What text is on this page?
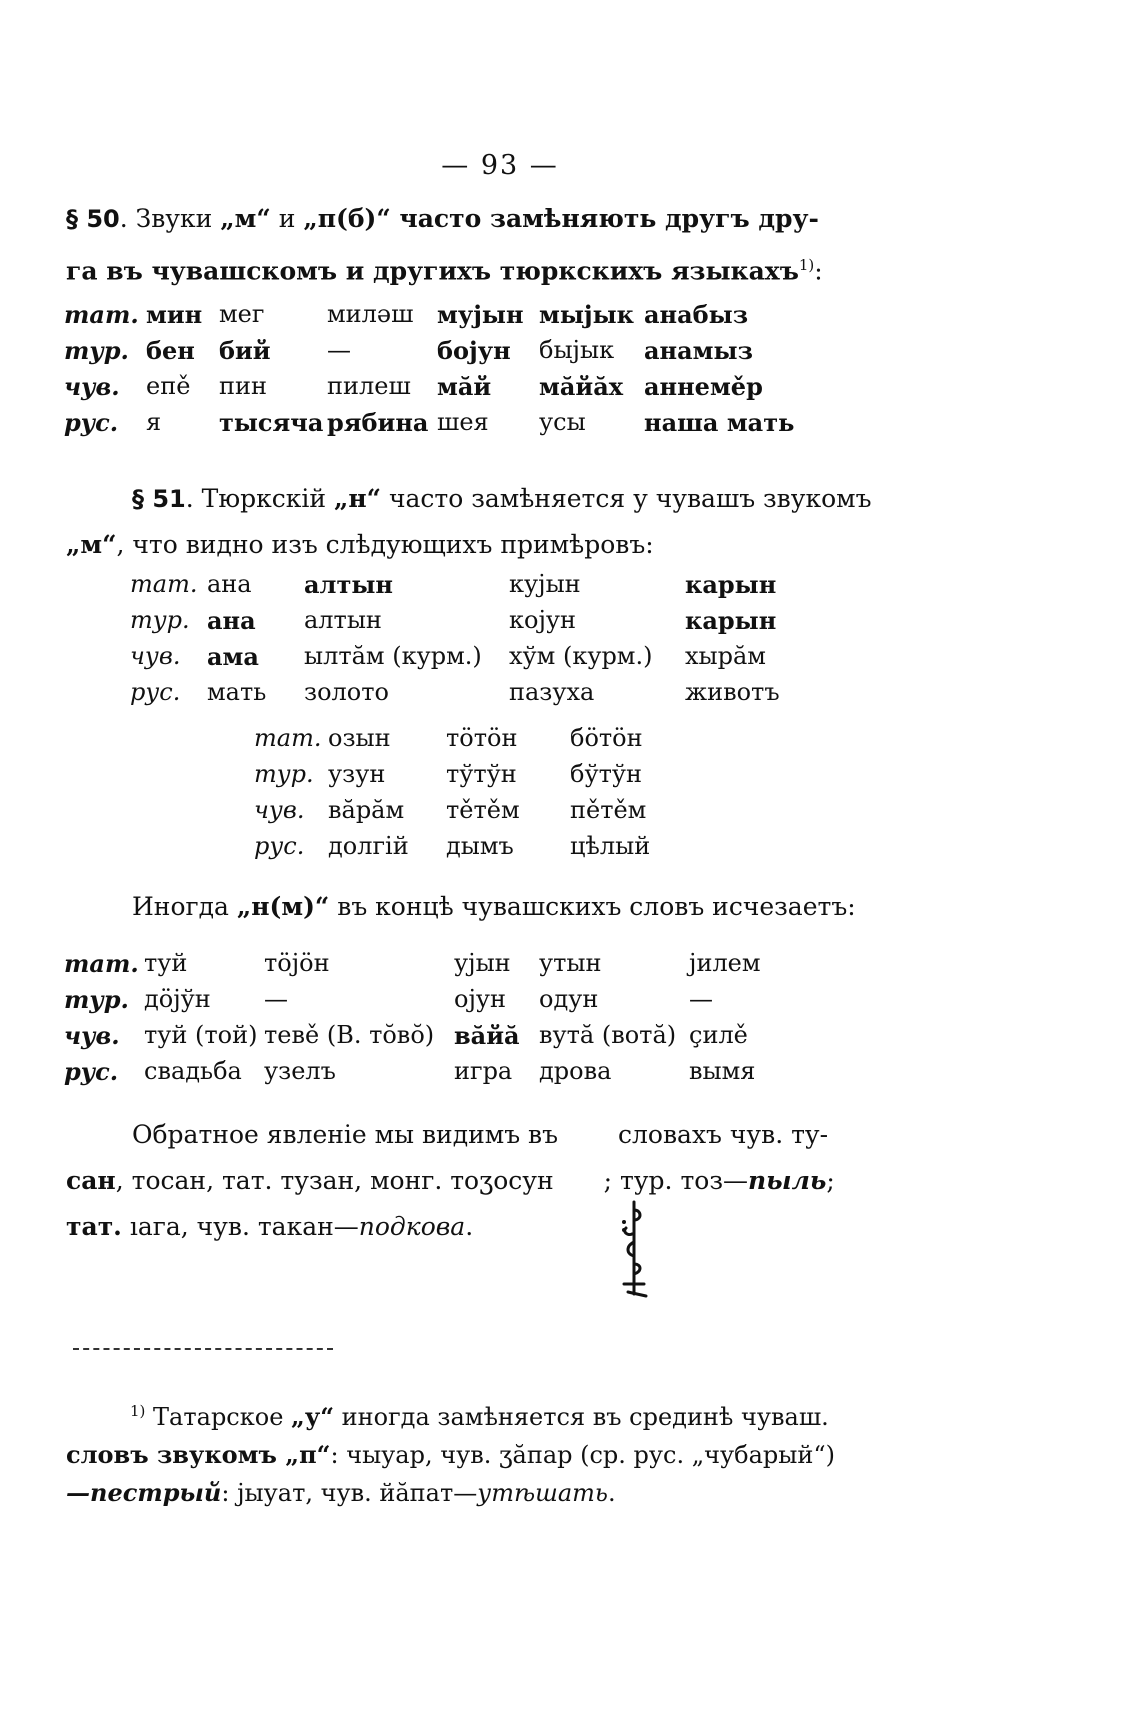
— 93 —

§ 50. Звуки „м“ и „п(б)“ часто замѣняють другъ дру-
га въ чувашскомъ и другихъ тюркскихъ языкахъ$^{1)}$:

тат.	мин	мег	миләш	мујын	мыјык	анабыз
тур.	бен	бий	—	бојун	быјык	анамыз
чув.	епě	пин	пилеш	мăй	мăйăх	аннемěр
рус.	я	тысяча	рябина	шея	усы	наша мать

§ 51. Тюркскій „н“ часто замѣняется у чувашъ звукомъ
„м“, что видно изъ слѣдующихъ примѣровъ:

тат.	ана	алтын	кујын	карын
тур.	ана	алтын	којун	карын
чув.	ама	ылтăм (курм.)	хўм (курм.)	хырăм
рус.	мать	золото	пазуха	животъ
тат.	озын	тӧтӧн	бӧтӧн
тур.	узун	тўтўн	бўтўн
чув.	вăрăм	тěтěм	пěтěм
рус.	долгій	дымъ	цѣлый

Иногда „н(м)“ въ концѣ чувашскихъ словъ исчезаетъ:

тат.	туй	тӧјӧн	ујын	утын	јилем
тур.	дӧјўн	—	ојун	одун	—
чув.	туй (той)	тевě (В. тŏвŏ)	вăйă	вутă (вотă)	çилě
рус.	свадьба	узелъ	игра	дрова	вымя

Обратное явленіе мы видимъ въ словахъ чув. ту-
сан, тосан, тат. тузан, монг. тоʒосун ; тур. тоз—пыль;
тат. ıага, чув. такан—подкова.

$^{1)}$ Татарское „у“ иногда замѣняется въ срединѣ чуваш.
словъ звукомъ „п“: чыуар, чув. ʒăпар (ср. рус. „чубарый“)
—пестрый: јыуат, чув. йăпат—утѣшать.
